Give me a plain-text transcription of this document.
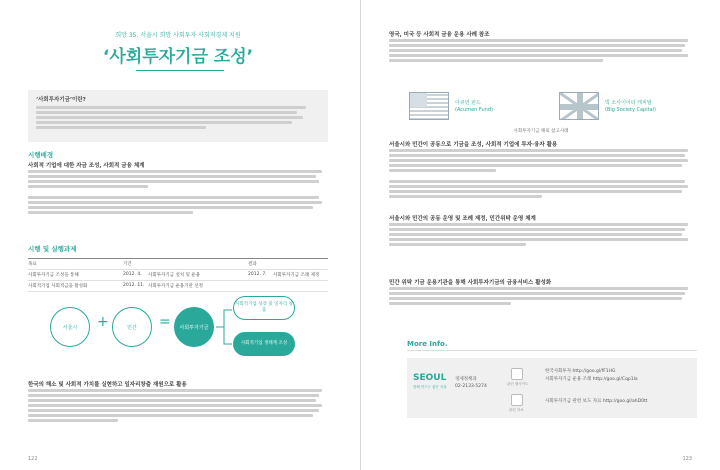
희망 35. 서울시 희망 사회투자 사회적경제 지원
‘사회투자기금 조성’
‘사회투자기금’이란?
시행배경
사회적 기업에 대한 자금 조성, 사회적 금융 체계
시행 및 실행과제
목표	기간	결과
사회투자기금 조성을 통해	2012. 4.	사회투자기금 설치 및 운용	2012. 7.	사회투자기금 조례 제정
사회적기업 사회적금융 활성화	2012. 11. 사회투자기금 운용기관 선정
서울시	+	민간	=	사회투자기금
사회적기업 성장 및 일자리 창출
사회적기업 생태계 조성
한국의 해소 및 사회적 가치를 실현하고 일자리창출 재원으로 활용
122
영국, 미국 등 사회적 금융 운용 사례 참조
아큐먼 펀드
(Acumen Fund)
빅 소사이어티 캐피탈
(Big Society Capital)
사회투자기금 해외 참고사례
서울시와 민간이 공동으로 기금을 조성, 사회적 기업에 투자·융자 활용
서울시와 민간의 공동 운영 및 조례 제정, 민간위탁 운영 체계
민간 위탁 기금 운용기관을 통해 사회투자기금의 금융서비스 활성화
More Info.
SEOUL
함께 만드는 좋은 서울
경제정책과
02-2133-5274	관련 웹사이트
관련 자료
한국사회투자 http://goo.gl/fF1HG
사회투자기금 운용 조례 http://goo.gl/Cqp1Ia
사회투자기금 관련 보도 자료 http://goo.gl/ahD0tt
123
